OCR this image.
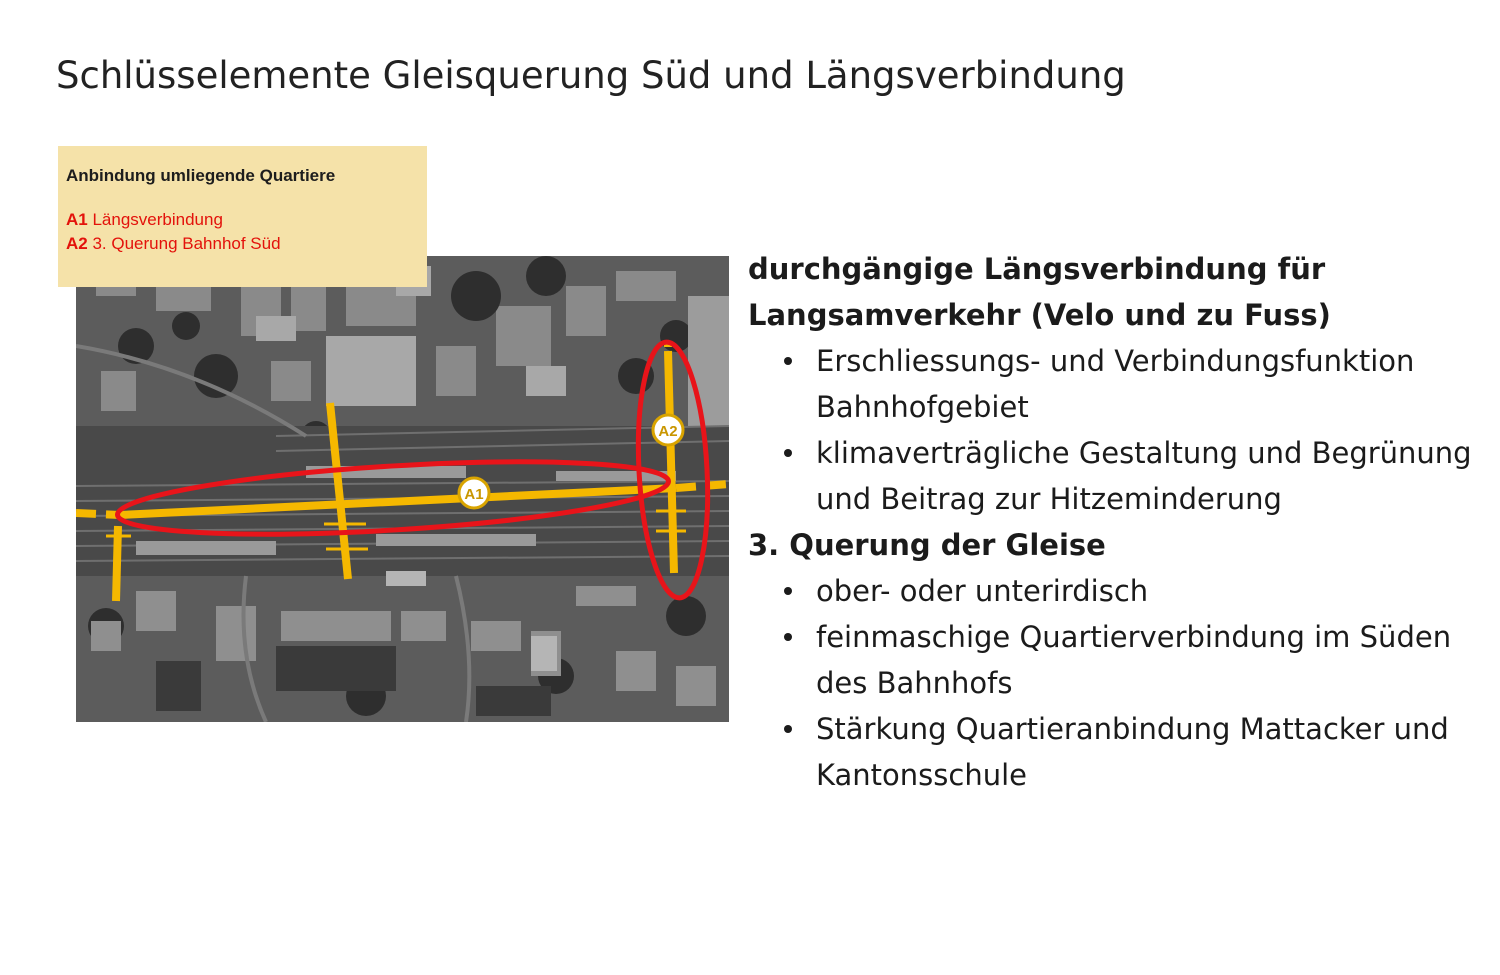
Schlüsselemente Gleisquerung Süd und Längsverbindung
A1
A2
Anbindung umliegende Quartiere
A1 Längsverbindung
A2 3. Querung Bahnhof Süd

durchgängige Längsverbindung für Langsamverkehr (Velo und zu Fuss)

Erschliessungs- und Verbindungsfunktion Bahnhofgebiet
klimaverträgliche Gestaltung und Begrünung und Beitrag zur Hitzeminderung

3. Querung der Gleise

ober- oder unterirdisch
feinmaschige Quartierverbindung im Süden des Bahnhofs
Stärkung Quartieranbindung Mattacker und Kantonsschule
